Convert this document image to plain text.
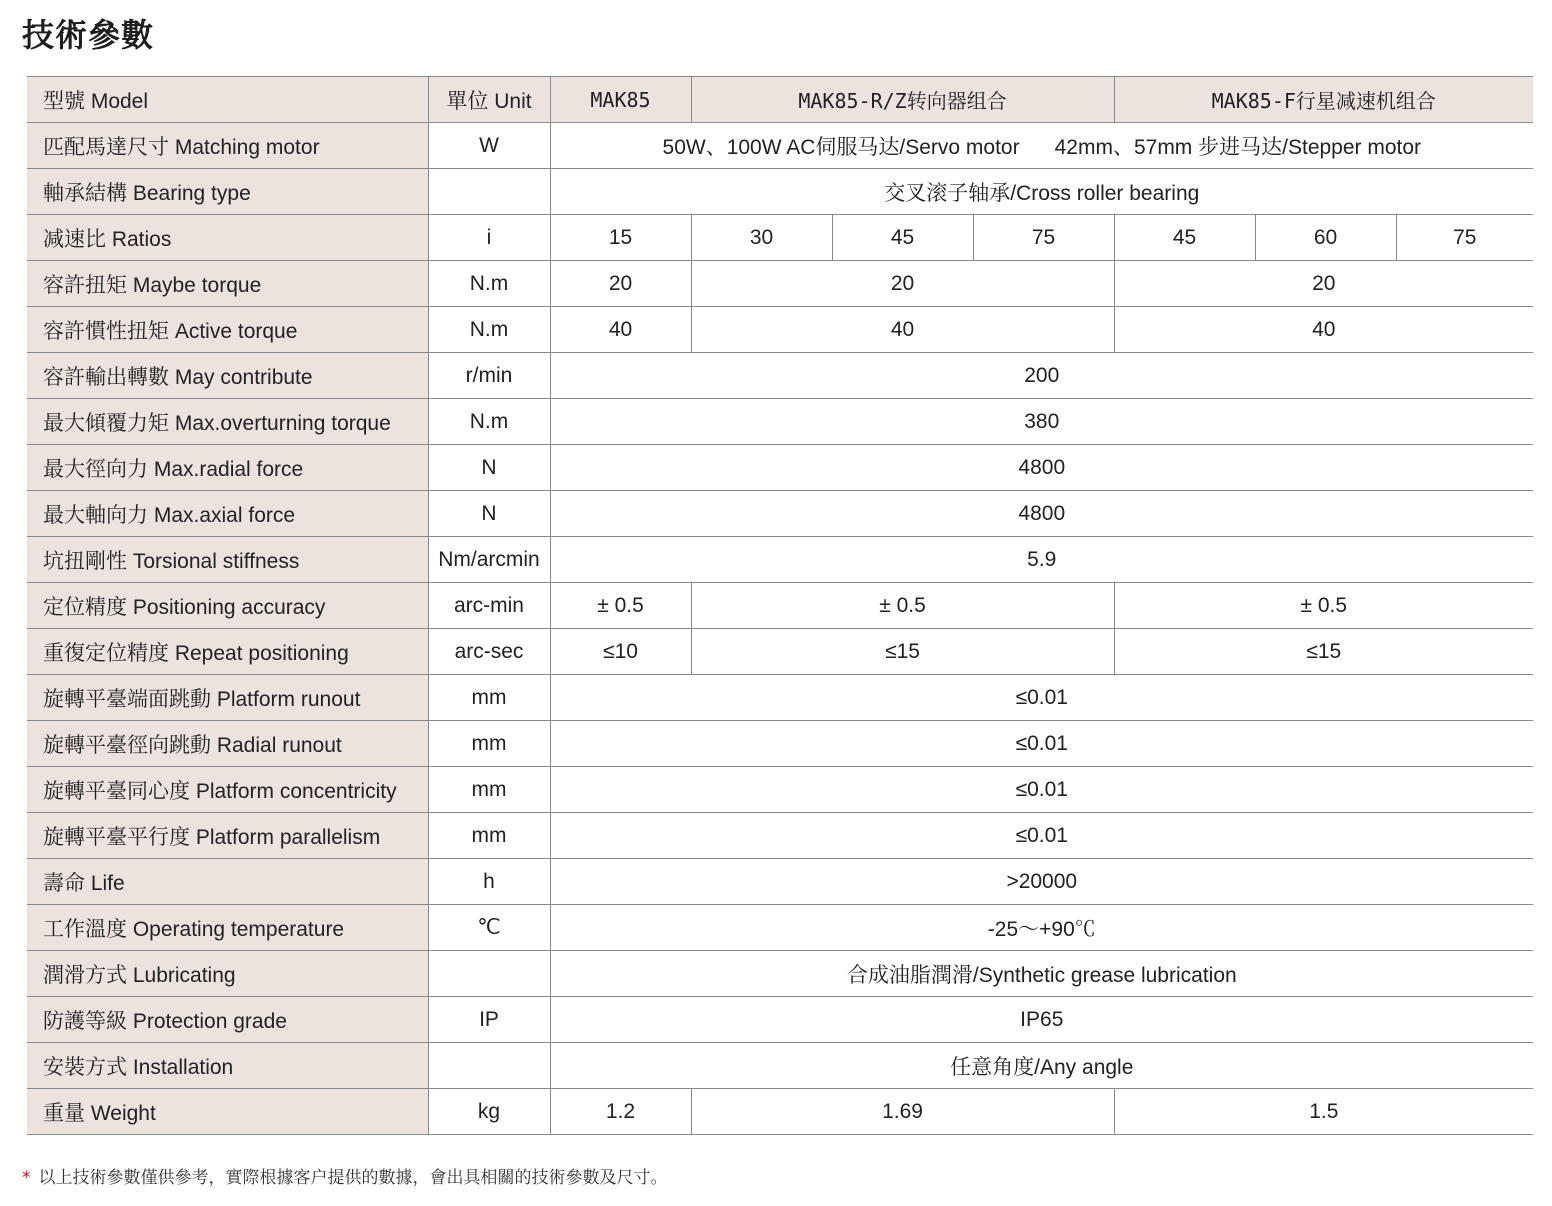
技術參數
型號 Model	單位 Unit	MAK85	MAK85-R/Z转向器组合			MAK85-F行星减速机组合		
匹配馬達尺寸 Matching motor	W	50W、100W AC伺服马达/Servo motor      42mm、57mm 步进马达/Stepper motor						
軸承結構 Bearing type		交叉滚子轴承/Cross roller bearing						
减速比 Ratios	i	15	30	45	75	45	60	75
容許扭矩 Maybe torque	N.m	20	20			20		
容許慣性扭矩 Active torque	N.m	40	40			40		
容許輸出轉數 May contribute	r/min	200						
最大傾覆力矩 Max.overturning torque	N.m	380						
最大徑向力 Max.radial force	N	4800						
最大軸向力 Max.axial force	N	4800						
坑扭剛性 Torsional stiffness	Nm/arcmin	5.9						
定位精度 Positioning accuracy	arc-min	± 0.5	± 0.5			± 0.5		
重復定位精度 Repeat positioning	arc-sec	≤10	≤15			≤15		
旋轉平臺端面跳動 Platform runout	mm	≤0.01						
旋轉平臺徑向跳動 Radial runout	mm	≤0.01						
旋轉平臺同心度 Platform concentricity	mm	≤0.01						
旋轉平臺平行度 Platform parallelism	mm	≤0.01						
壽命 Life	h	>20000						
工作溫度 Operating temperature	℃	-25～+90℃						
潤滑方式 Lubricating		合成油脂潤滑/Synthetic grease lubrication						
防護等級 Protection grade	IP	IP65						
安裝方式 Installation		任意角度/Any angle						
重量 Weight	kg	1.2	1.69			1.5		
* 以上技術參數僅供參考，實際根據客户提供的數據，會出具相關的技術參數及尺寸。
